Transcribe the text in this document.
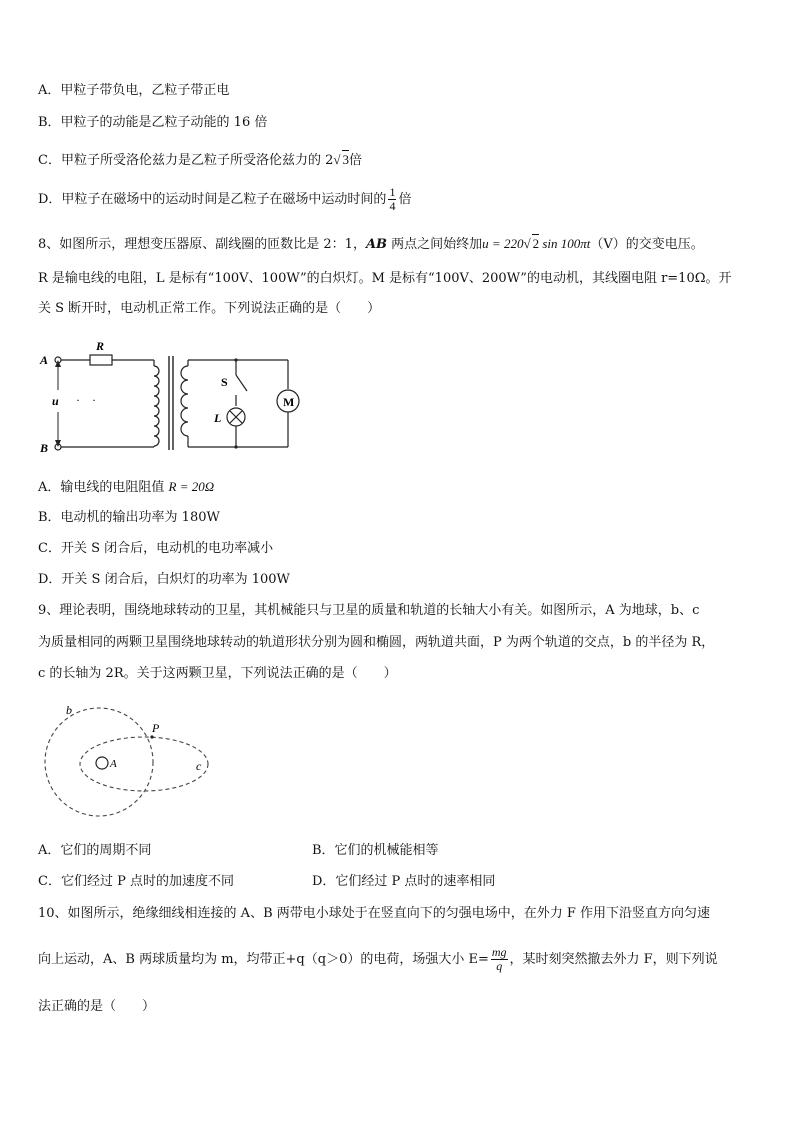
A．甲粒子带负电，乙粒子带正电
B．甲粒子的动能是乙粒子动能的 16 倍
C．甲粒子所受洛伦兹力是乙粒子所受洛伦兹力的 2√ 3倍
D．甲粒子在磁场中的运动时间是乙粒子在磁场中运动时间的 $\frac{1}{4}$ 倍
8、如图所示，理想变压器原、副线圈的匝数比是 2：1，AB 两点之间始终加u = 220√ 2 sin 100πt（V）的交变电压。
R 是输电线的电阻，L 是标有“100V、100W”的白炽灯。M 是标有“100V、200W”的电动机，其线圈电阻 r=10Ω。开
关 S 断开时，电动机正常工作。下列说法正确的是（　　）
A
B
R
u ·　·
S
L
M
A．输电线的电阻阻值 R = 20Ω
B．电动机的输出功率为 180W
C．开关 S 闭合后，电动机的电功率减小
D．开关 S 闭合后，白炽灯的功率为 100W
9、理论表明，围绕地球转动的卫星，其机械能只与卫星的质量和轨道的长轴大小有关。如图所示，A 为地球，b、c
为质量相同的两颗卫星围绕地球转动的轨道形状分别为圆和椭圆，两轨道共面，P 为两个轨道的交点，b 的半径为 R，
c 的长轴为 2R。关于这两颗卫星，下列说法正确的是（　　）
b
P
A	c
A．它们的周期不同	B．它们的机械能相等
C．它们经过 P 点时的加速度不同	D．它们经过 P 点时的速率相同
10、如图所示，绝缘细线相连接的 A、B 两带电小球处于在竖直向下的匀强电场中，在外力 F 作用下沿竖直方向匀速
向上运动，A、B 两球质量均为 m，均带正+q（q＞0）的电荷，场强大小 $E= \frac{mg}{q}$ ，某时刻突然撤去外力 F，则下列说
法正确的是（　　）
